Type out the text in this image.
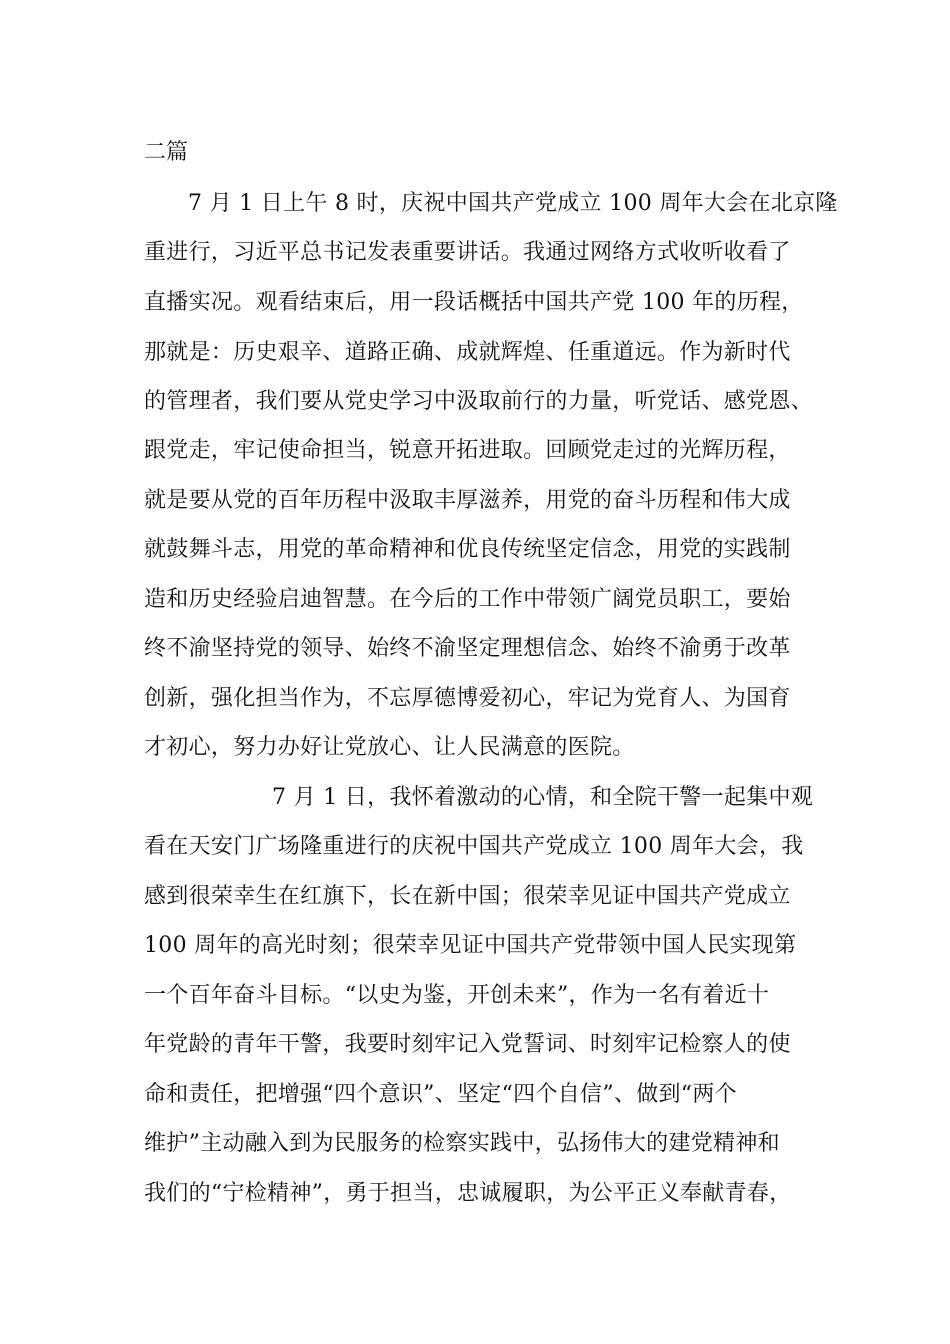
二篇
7 月 1 日上午 8 时，庆祝中国共产党成立 100 周年大会在北京隆
重进行，习近平总书记发表重要讲话。我通过网络方式收听收看了
直播实况。观看结束后，用一段话概括中国共产党 100 年的历程，
那就是：历史艰辛、道路正确、成就辉煌、任重道远。作为新时代
的管理者，我们要从党史学习中汲取前行的力量，听党话、感党恩、
跟党走，牢记使命担当，锐意开拓进取。回顾党走过的光辉历程，
就是要从党的百年历程中汲取丰厚滋养，用党的奋斗历程和伟大成
就鼓舞斗志，用党的革命精神和优良传统坚定信念，用党的实践制
造和历史经验启迪智慧。在今后的工作中带领广阔党员职工，要始
终不渝坚持党的领导、始终不渝坚定理想信念、始终不渝勇于改革
创新，强化担当作为，不忘厚德博爱初心，牢记为党育人、为国育
才初心，努力办好让党放心、让人民满意的医院。
7 月 1 日，我怀着激动的心情，和全院干警一起集中观
看在天安门广场隆重进行的庆祝中国共产党成立 100 周年大会，我
感到很荣幸生在红旗下，长在新中国；很荣幸见证中国共产党成立
100 周年的高光时刻；很荣幸见证中国共产党带领中国人民实现第
一个百年奋斗目标。“以史为鉴，开创未来”，作为一名有着近十
年党龄的青年干警，我要时刻牢记入党誓词、时刻牢记检察人的使
命和责任，把增强“四个意识”、坚定“四个自信”、做到“两个
维护”主动融入到为民服务的检察实践中，弘扬伟大的建党精神和
我们的“宁检精神”，勇于担当，忠诚履职，为公平正义奉献青春，
